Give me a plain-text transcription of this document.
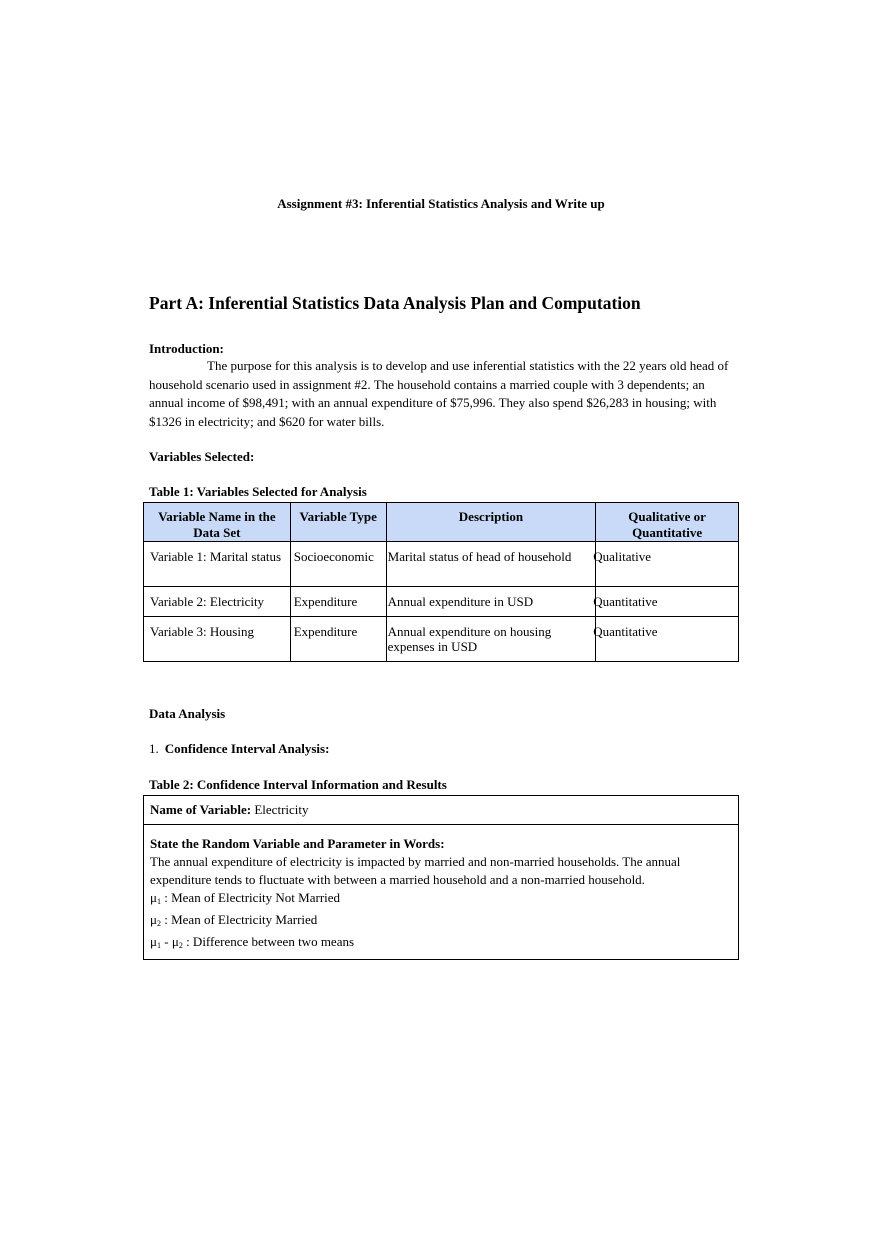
Assignment #3: Inferential Statistics Analysis and Write up
Part A: Inferential Statistics Data Analysis Plan and Computation
Introduction:
The purpose for this analysis is to develop and use inferential statistics with the 22 years old head of household scenario used in assignment #2. The household contains a married couple with 3 dependents; an annual income of $98,491; with an annual expenditure of $75,996. They also spend $26,283 in housing; with $1326 in electricity; and $620 for water bills.
Variables Selected:
Table 1: Variables Selected for Analysis
Variable Name in the Data Set	Variable Type	Description	Qualitative or Quantitative
Variable 1: Marital status	Socioeconomic	Marital status of head of household	Qualitative
Variable 2: Electricity	Expenditure	Annual expenditure in USD	Quantitative
Variable 3: Housing	Expenditure	Annual expenditure on housing expenses in USD	Quantitative
Data Analysis
1. Confidence Interval Analysis:
Table 2: Confidence Interval Information and Results
Name of Variable: Electricity

State the Random Variable and Parameter in Words:
The annual expenditure of electricity is impacted by married and non-married households. The annual expenditure tends to fluctuate with between a married household and a non-married household.
$\mu_1$ : Mean of Electricity Not Married
$\mu_2$ : Mean of Electricity Married
$\mu_1 - \mu_2$ : Difference between two means
